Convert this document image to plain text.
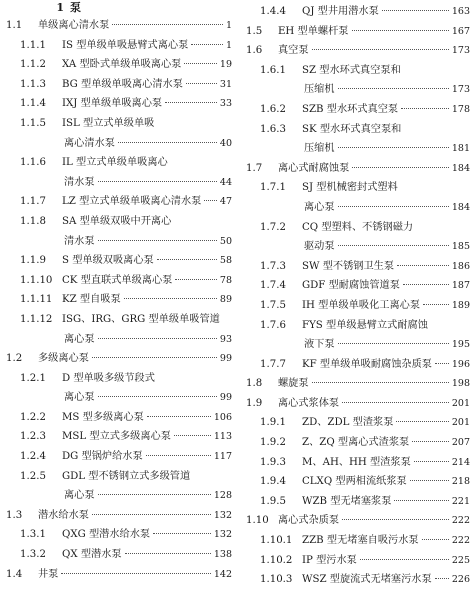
1 泵
1.1	单级离心清水泵	1
1.1.1	IS 型单级单吸悬臂式离心泵	1
1.1.2	XA 型卧式单级单吸离心泵	19
1.1.3	BG 型单级单吸离心清水泵	31
1.1.4	IXJ 型单级单吸离心泵	33
1.1.5	ISL 型立式单级单吸
离心清水泵	40
1.1.6	IL 型立式单级单吸离心
清水泵	44
1.1.7	LZ 型立式单级单吸离心清水泵 47
1.1.8	SA 型单级双吸中开离心
清水泵	50
1.1.9	S 型单级双吸离心泵	58
1.1.10 CK 型直联式单级离心泵	78
1.1.11 KZ 型自吸泵	89
1.1.12 ISG、IRG、GRG 型单级单吸管道
离心泵	93
1.2	多级离心泵	99
1.2.1	D 型单吸多级节段式
离心泵	99
1.2.2	MS 型多级离心泵	106
1.2.3	MSL 型立式多级离心泵	113
1.2.4	DG 型锅炉给水泵	117
1.2.5	GDL 型不锈钢立式多级管道
离心泵	128
1.3	潜水给水泵	132
1.3.1	QXG 型潜水给水泵	132
1.3.2	QX 型潜水泵	138
1.4	井泵	142
1.4.4	QJ 型井用潜水泵	163
1.5	EH 型单螺杆泵	167
1.6	真空泵	173
1.6.1	SZ 型水环式真空泵和
压缩机	173
1.6.2	SZB 型水环式真空泵	178
1.6.3	SK 型水环式真空泵和
压缩机	181
1.7	离心式耐腐蚀泵	184
1.7.1	SJ 型机械密封式塑料
离心泵	184
1.7.2	CQ 型塑料、不锈钢磁力
驱动泵	185
1.7.3	SW 型不锈钢卫生泵	186
1.7.4	GDF 型耐腐蚀管道泵	187
1.7.5	IH 型单级单吸化工离心泵	189
1.7.6	FYS 型单级悬臂立式耐腐蚀
液下泵	195
1.7.7	KF 型单级单吸耐腐蚀杂质泵 196
1.8	螺旋泵	198
1.9	离心式浆体泵	201
1.9.1	ZD、ZDL 型渣浆泵	201
1.9.2	Z、ZQ 型离心式渣浆泵	207
1.9.3	M、AH、HH 型渣浆泵	214
1.9.4	CLXQ 型两相流纸浆泵	218
1.9.5	WZB 型无堵塞浆泵	221
1.10 离心式杂质泵	222
1.10.1 ZZB 型无堵塞自吸污水泵	222
1.10.2 IP 型污水泵	225
1.10.3 WSZ 型旋流式无堵塞污水泵 226
